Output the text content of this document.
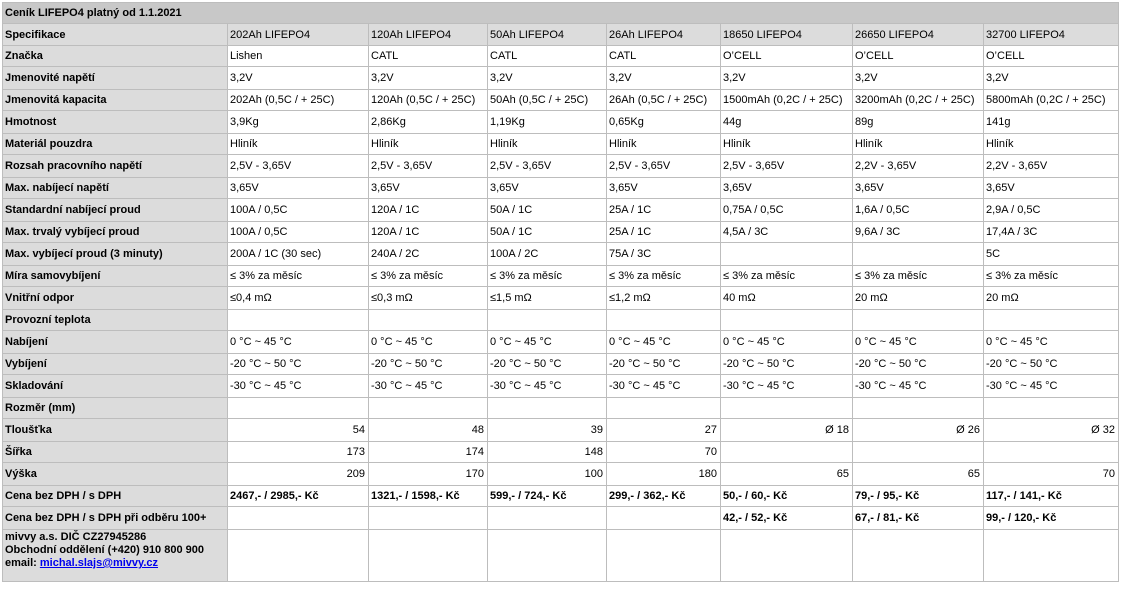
Ceník LIFEPO4 platný od 1.1.2021							
Specifikace	202Ah LIFEPO4	120Ah LIFEPO4	50Ah LIFEPO4	26Ah LIFEPO4	18650 LIFEPO4	26650 LIFEPO4	32700 LIFEPO4
Značka	Lishen	CATL	CATL	CATL	O’CELL	O’CELL	O’CELL
Jmenovité napětí	3,2V	3,2V	3,2V	3,2V	3,2V	3,2V	3,2V
Jmenovitá kapacita	202Ah (0,5C / + 25C)	120Ah (0,5C / + 25C)	50Ah (0,5C / + 25C)	26Ah (0,5C / + 25C)	1500mAh (0,2C / + 25C)	3200mAh (0,2C / + 25C)	5800mAh (0,2C / + 25C)
Hmotnost	3,9Kg	2,86Kg	1,19Kg	0,65Kg	44g	89g	141g
Materiál pouzdra	Hliník	Hliník	Hliník	Hliník	Hliník	Hliník	Hliník
Rozsah pracovního napětí	2,5V - 3,65V	2,5V - 3,65V	2,5V - 3,65V	2,5V - 3,65V	2,5V - 3,65V	2,2V - 3,65V	2,2V - 3,65V
Max. nabíjecí napětí	3,65V	3,65V	3,65V	3,65V	3,65V	3,65V	3,65V
Standardní nabíjecí proud	100A / 0,5C	120A / 1C	50A / 1C	25A / 1C	0,75A / 0,5C	1,6A / 0,5C	2,9A / 0,5C
Max. trvalý vybíjecí proud	100A / 0,5C	120A / 1C	50A / 1C	25A / 1C	4,5A / 3C	9,6A / 3C	17,4A / 3C
Max. vybíjecí proud (3 minuty)	200A / 1C (30 sec)	240A / 2C	100A / 2C	75A / 3C			5C
Míra samovybíjení	≤ 3% za měsíc	≤ 3% za měsíc	≤ 3% za měsíc	≤ 3% za měsíc	≤ 3% za měsíc	≤ 3% za měsíc	≤ 3% za měsíc
Vnitřní odpor	≤0,4 mΩ	≤0,3 mΩ	≤1,5 mΩ	≤1,2 mΩ	40 mΩ	20 mΩ	20 mΩ
Provozní teplota							
Nabíjení	0 °C ~ 45 °C	0 °C ~ 45 °C	0 °C ~ 45 °C	0 °C ~ 45 °C	0 °C ~ 45 °C	0 °C ~ 45 °C	0 °C ~ 45 °C
Vybíjení	-20 °C ~ 50 °C	-20 °C ~ 50 °C	-20 °C ~ 50 °C	-20 °C ~ 50 °C	-20 °C ~ 50 °C	-20 °C ~ 50 °C	-20 °C ~ 50 °C
Skladování	-30 °C ~ 45 °C	-30 °C ~ 45 °C	-30 °C ~ 45 °C	-30 °C ~ 45 °C	-30 °C ~ 45 °C	-30 °C ~ 45 °C	-30 °C ~ 45 °C
Rozměr (mm)							
Tloušťka	54	48	39	27	Ø 18	Ø 26	Ø 32
Šířka	173	174	148	70			
Výška	209	170	100	180	65	65	70
Cena bez DPH / s DPH	2467,- / 2985,- Kč	1321,- / 1598,- Kč	599,- / 724,- Kč	299,- / 362,- Kč	50,- / 60,- Kč	79,- / 95,- Kč	117,- / 141,- Kč
Cena bez DPH / s DPH při odběru 100+					42,- / 52,- Kč	67,- / 81,- Kč	99,- / 120,- Kč

mivvy a.s. DIČ CZ27945286
Obchodní oddělení (+420) 910 800 900
email: michal.slajs@mivvy.cz							
